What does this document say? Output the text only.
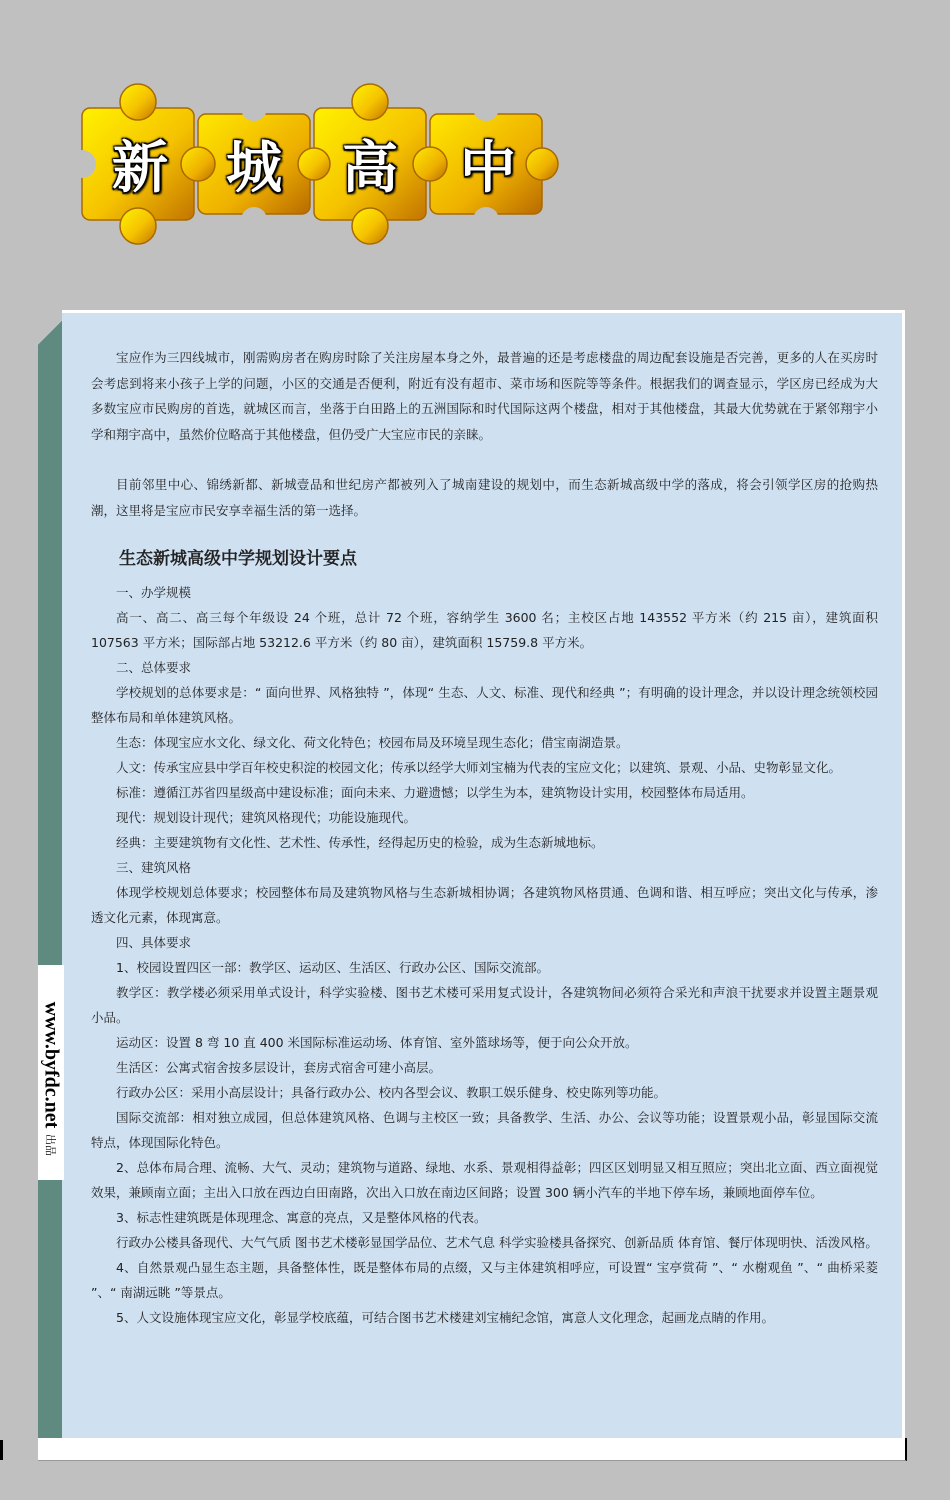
新	城	高	中
www.byfdc.net
出品

宝应作为三四线城市，刚需购房者在购房时除了关注房屋本身之外，最普遍的还是考虑楼盘的周边配套设施是否完善，更多的人在买房时会考虑到将来小孩子上学的问题，小区的交通是否便利，附近有没有超市、菜市场和医院等等条件。根据我们的调查显示，学区房已经成为大多数宝应市民购房的首选，就城区而言，坐落于白田路上的五洲国际和时代国际这两个楼盘，相对于其他楼盘，其最大优势就在于紧邻翔宇小学和翔宇高中，虽然价位略高于其他楼盘，但仍受广大宝应市民的亲睐。

目前邻里中心、锦绣新都、新城壹品和世纪房产都被列入了城南建设的规划中，而生态新城高级中学的落成，将会引领学区房的抢购热潮，这里将是宝应市民安享幸福生活的第一选择。

生态新城高级中学规划设计要点

一、办学规模

高一、高二、高三每个年级设 24 个班，总计 72 个班，容纳学生 3600 名；主校区占地 143552 平方米（约 215 亩），建筑面积 107563 平方米；国际部占地 53212.6 平方米（约 80 亩），建筑面积 15759.8 平方米。

二、总体要求

学校规划的总体要求是：“ 面向世界、风格独特 ”，体现“ 生态、人文、标准、现代和经典 ”；有明确的设计理念，并以设计理念统领校园整体布局和单体建筑风格。

生态：体现宝应水文化、绿文化、荷文化特色；校园布局及环境呈现生态化；借宝南湖造景。

人文：传承宝应县中学百年校史积淀的校园文化；传承以经学大师刘宝楠为代表的宝应文化；以建筑、景观、小品、史物彰显文化。

标准：遵循江苏省四星级高中建设标准；面向未来、力避遗憾；以学生为本，建筑物设计实用，校园整体布局适用。

现代：规划设计现代；建筑风格现代；功能设施现代。

经典：主要建筑物有文化性、艺术性、传承性，经得起历史的检验，成为生态新城地标。

三、建筑风格

体现学校规划总体要求；校园整体布局及建筑物风格与生态新城相协调；各建筑物风格贯通、色调和谐、相互呼应；突出文化与传承，渗透文化元素，体现寓意。

四、具体要求

1、校园设置四区一部：教学区、运动区、生活区、行政办公区、国际交流部。

教学区：教学楼必须采用单式设计，科学实验楼、图书艺术楼可采用复式设计，各建筑物间必须符合采光和声浪干扰要求并设置主题景观小品。

运动区：设置 8 弯 10 直 400 米国际标准运动场、体育馆、室外篮球场等，便于向公众开放。

生活区：公寓式宿舍按多层设计，套房式宿舍可建小高层。

行政办公区：采用小高层设计；具备行政办公、校内各型会议、教职工娱乐健身、校史陈列等功能。

国际交流部：相对独立成园，但总体建筑风格、色调与主校区一致；具备教学、生活、办公、会议等功能；设置景观小品，彰显国际交流特点，体现国际化特色。

2、总体布局合理、流畅、大气、灵动；建筑物与道路、绿地、水系、景观相得益彰；四区区划明显又相互照应；突出北立面、西立面视觉效果，兼顾南立面；主出入口放在西边白田南路，次出入口放在南边区间路；设置 300 辆小汽车的半地下停车场，兼顾地面停车位。

3、标志性建筑既是体现理念、寓意的亮点，又是整体风格的代表。

行政办公楼具备现代、大气气质 图书艺术楼彰显国学品位、艺术气息 科学实验楼具备探究、创新品质 体育馆、餐厅体现明快、活泼风格。

4、自然景观凸显生态主题，具备整体性，既是整体布局的点缀，又与主体建筑相呼应，可设置“ 宝亭赏荷 ”、“ 水榭观鱼 ”、“ 曲桥采菱 ”、“ 南湖远眺 ”等景点。

5、人文设施体现宝应文化，彰显学校底蕴，可结合图书艺术楼建刘宝楠纪念馆，寓意人文化理念，起画龙点睛的作用。
